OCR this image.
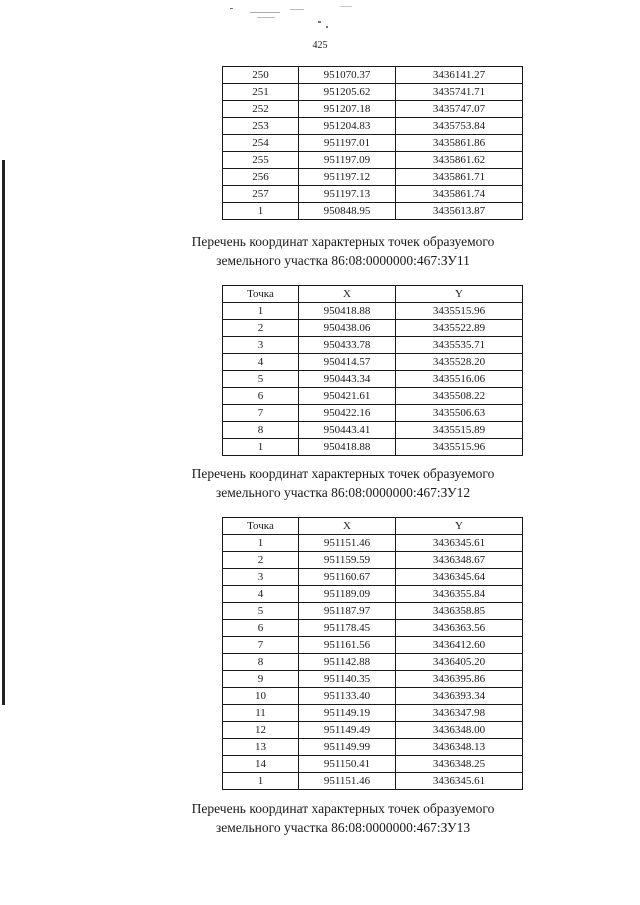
425
250	951070.37	3436141.27
251	951205.62	3435741.71
252	951207.18	3435747.07
253	951204.83	3435753.84
254	951197.01	3435861.86
255	951197.09	3435861.62
256	951197.12	3435861.71
257	951197.13	3435861.74
1	950848.95	3435613.87
Перечень координат характерных точек образуемого
земельного участка 86:08:0000000:467:ЗУ11
Точка	X	Y
1	950418.88	3435515.96
2	950438.06	3435522.89
3	950433.78	3435535.71
4	950414.57	3435528.20
5	950443.34	3435516.06
6	950421.61	3435508.22
7	950422.16	3435506.63
8	950443.41	3435515.89
1	950418.88	3435515.96
Перечень координат характерных точек образуемого
земельного участка 86:08:0000000:467:ЗУ12
Точка	X	Y
1	951151.46	3436345.61
2	951159.59	3436348.67
3	951160.67	3436345.64
4	951189.09	3436355.84
5	951187.97	3436358.85
6	951178.45	3436363.56
7	951161.56	3436412.60
8	951142.88	3436405.20
9	951140.35	3436395.86
10	951133.40	3436393.34
11	951149.19	3436347.98
12	951149.49	3436348.00
13	951149.99	3436348.13
14	951150.41	3436348.25
1	951151.46	3436345.61
Перечень координат характерных точек образуемого
земельного участка 86:08:0000000:467:ЗУ13
